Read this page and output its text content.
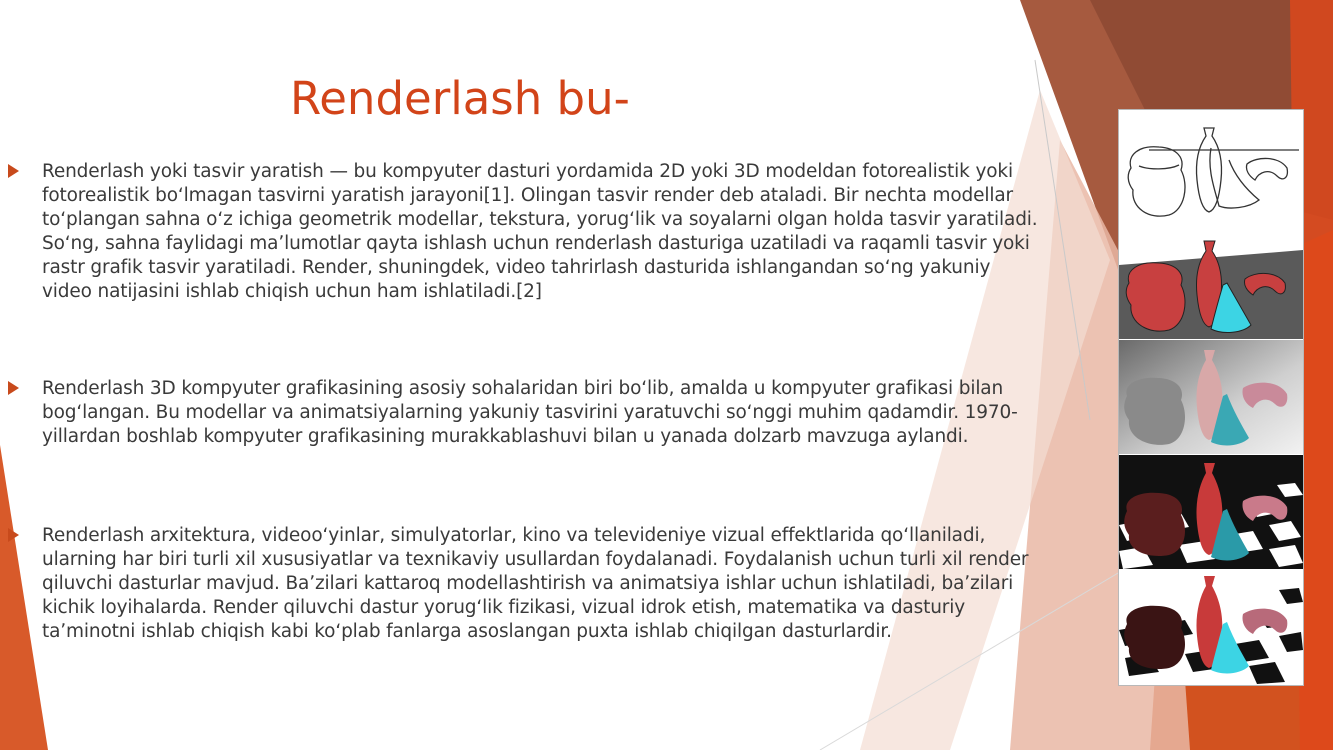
Renderlash bu-

Renderlash yoki tasvir yaratish — bu kompyuter dasturi yordamida 2D yoki 3D modeldan fotorealistik yoki fotorealistik boʻlmagan tasvirni yaratish jarayoni[1]. Olingan tasvir render deb ataladi. Bir nechta modellar toʻplangan sahna oʻz ichiga geometrik modellar, tekstura, yorugʻlik va soyalarni olgan holda tasvir yaratiladi. Soʻng, sahna faylidagi maʼlumotlar qayta ishlash uchun renderlash dasturiga uzatiladi va raqamli tasvir yoki rastr grafik tasvir yaratiladi. Render, shuningdek, video tahrirlash dasturida ishlangandan soʻng yakuniy video natijasini ishlab chiqish uchun ham ishlatiladi.[2]

Renderlash 3D kompyuter grafikasining asosiy sohalaridan biri boʻlib, amalda u kompyuter grafikasi bilan bogʻlangan. Bu modellar va animatsiyalarning yakuniy tasvirini yaratuvchi soʻnggi muhim qadamdir. 1970-yillardan boshlab kompyuter grafikasining murakkablashuvi bilan u yanada dolzarb mavzuga aylandi.

Renderlash arxitektura, videooʻyinlar, simulyatorlar, kino va televideniye vizual effektlarida qoʻllaniladi, ularning har biri turli xil xususiyatlar va texnikaviy usullardan foydalanadi. Foydalanish uchun turli xil render qiluvchi dasturlar mavjud. Baʼzilari kattaroq modellashtirish va animatsiya ishlar uchun ishlatiladi, baʼzilari kichik loyihalarda. Render qiluvchi dastur yorugʻlik fizikasi, vizual idrok etish, matematika va dasturiy taʼminotni ishlab chiqish kabi koʻplab fanlarga asoslangan puxta ishlab chiqilgan dasturlardir.
